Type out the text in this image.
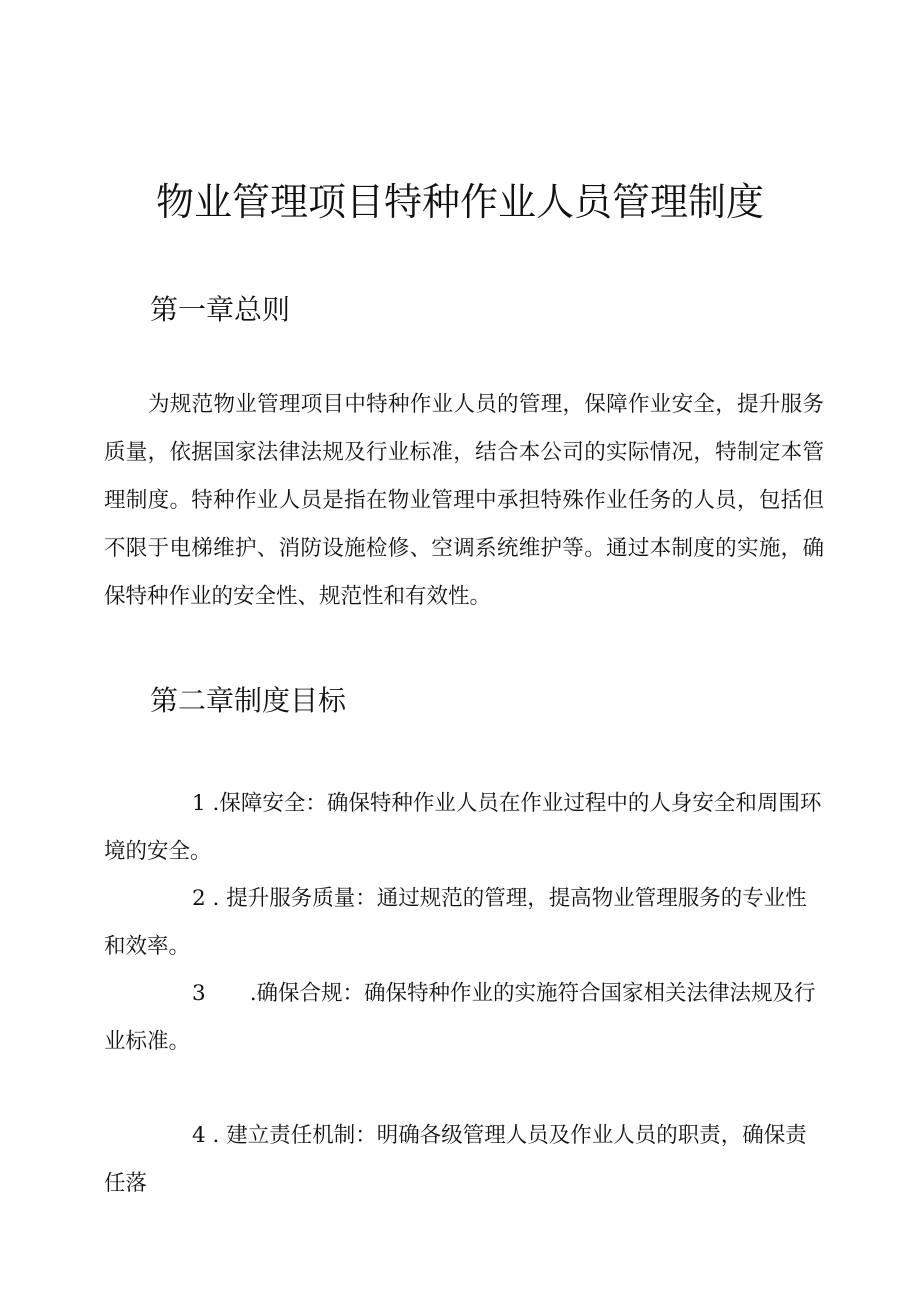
物业管理项目特种作业人员管理制度
第一章总则

为规范物业管理项目中特种作业人员的管理，保障作业安全，提升服务质量，依据国家法律法规及行业标准，结合本公司的实际情况，特制定本管理制度。特种作业人员是指在物业管理中承担特殊作业任务的人员，包括但不限于电梯维护、消防设施检修、空调系统维护等。通过本制度的实施，确保特种作业的安全性、规范性和有效性。

第二章制度目标

1 .保障安全：确保特种作业人员在作业过程中的人身安全和周围环境的安全。

2 . 提升服务质量：通过规范的管理，提高物业管理服务的专业性和效率。

3 .确保合规：确保特种作业的实施符合国家相关法律法规及行业标准。

4 . 建立责任机制：明确各级管理人员及作业人员的职责，确保责任落
